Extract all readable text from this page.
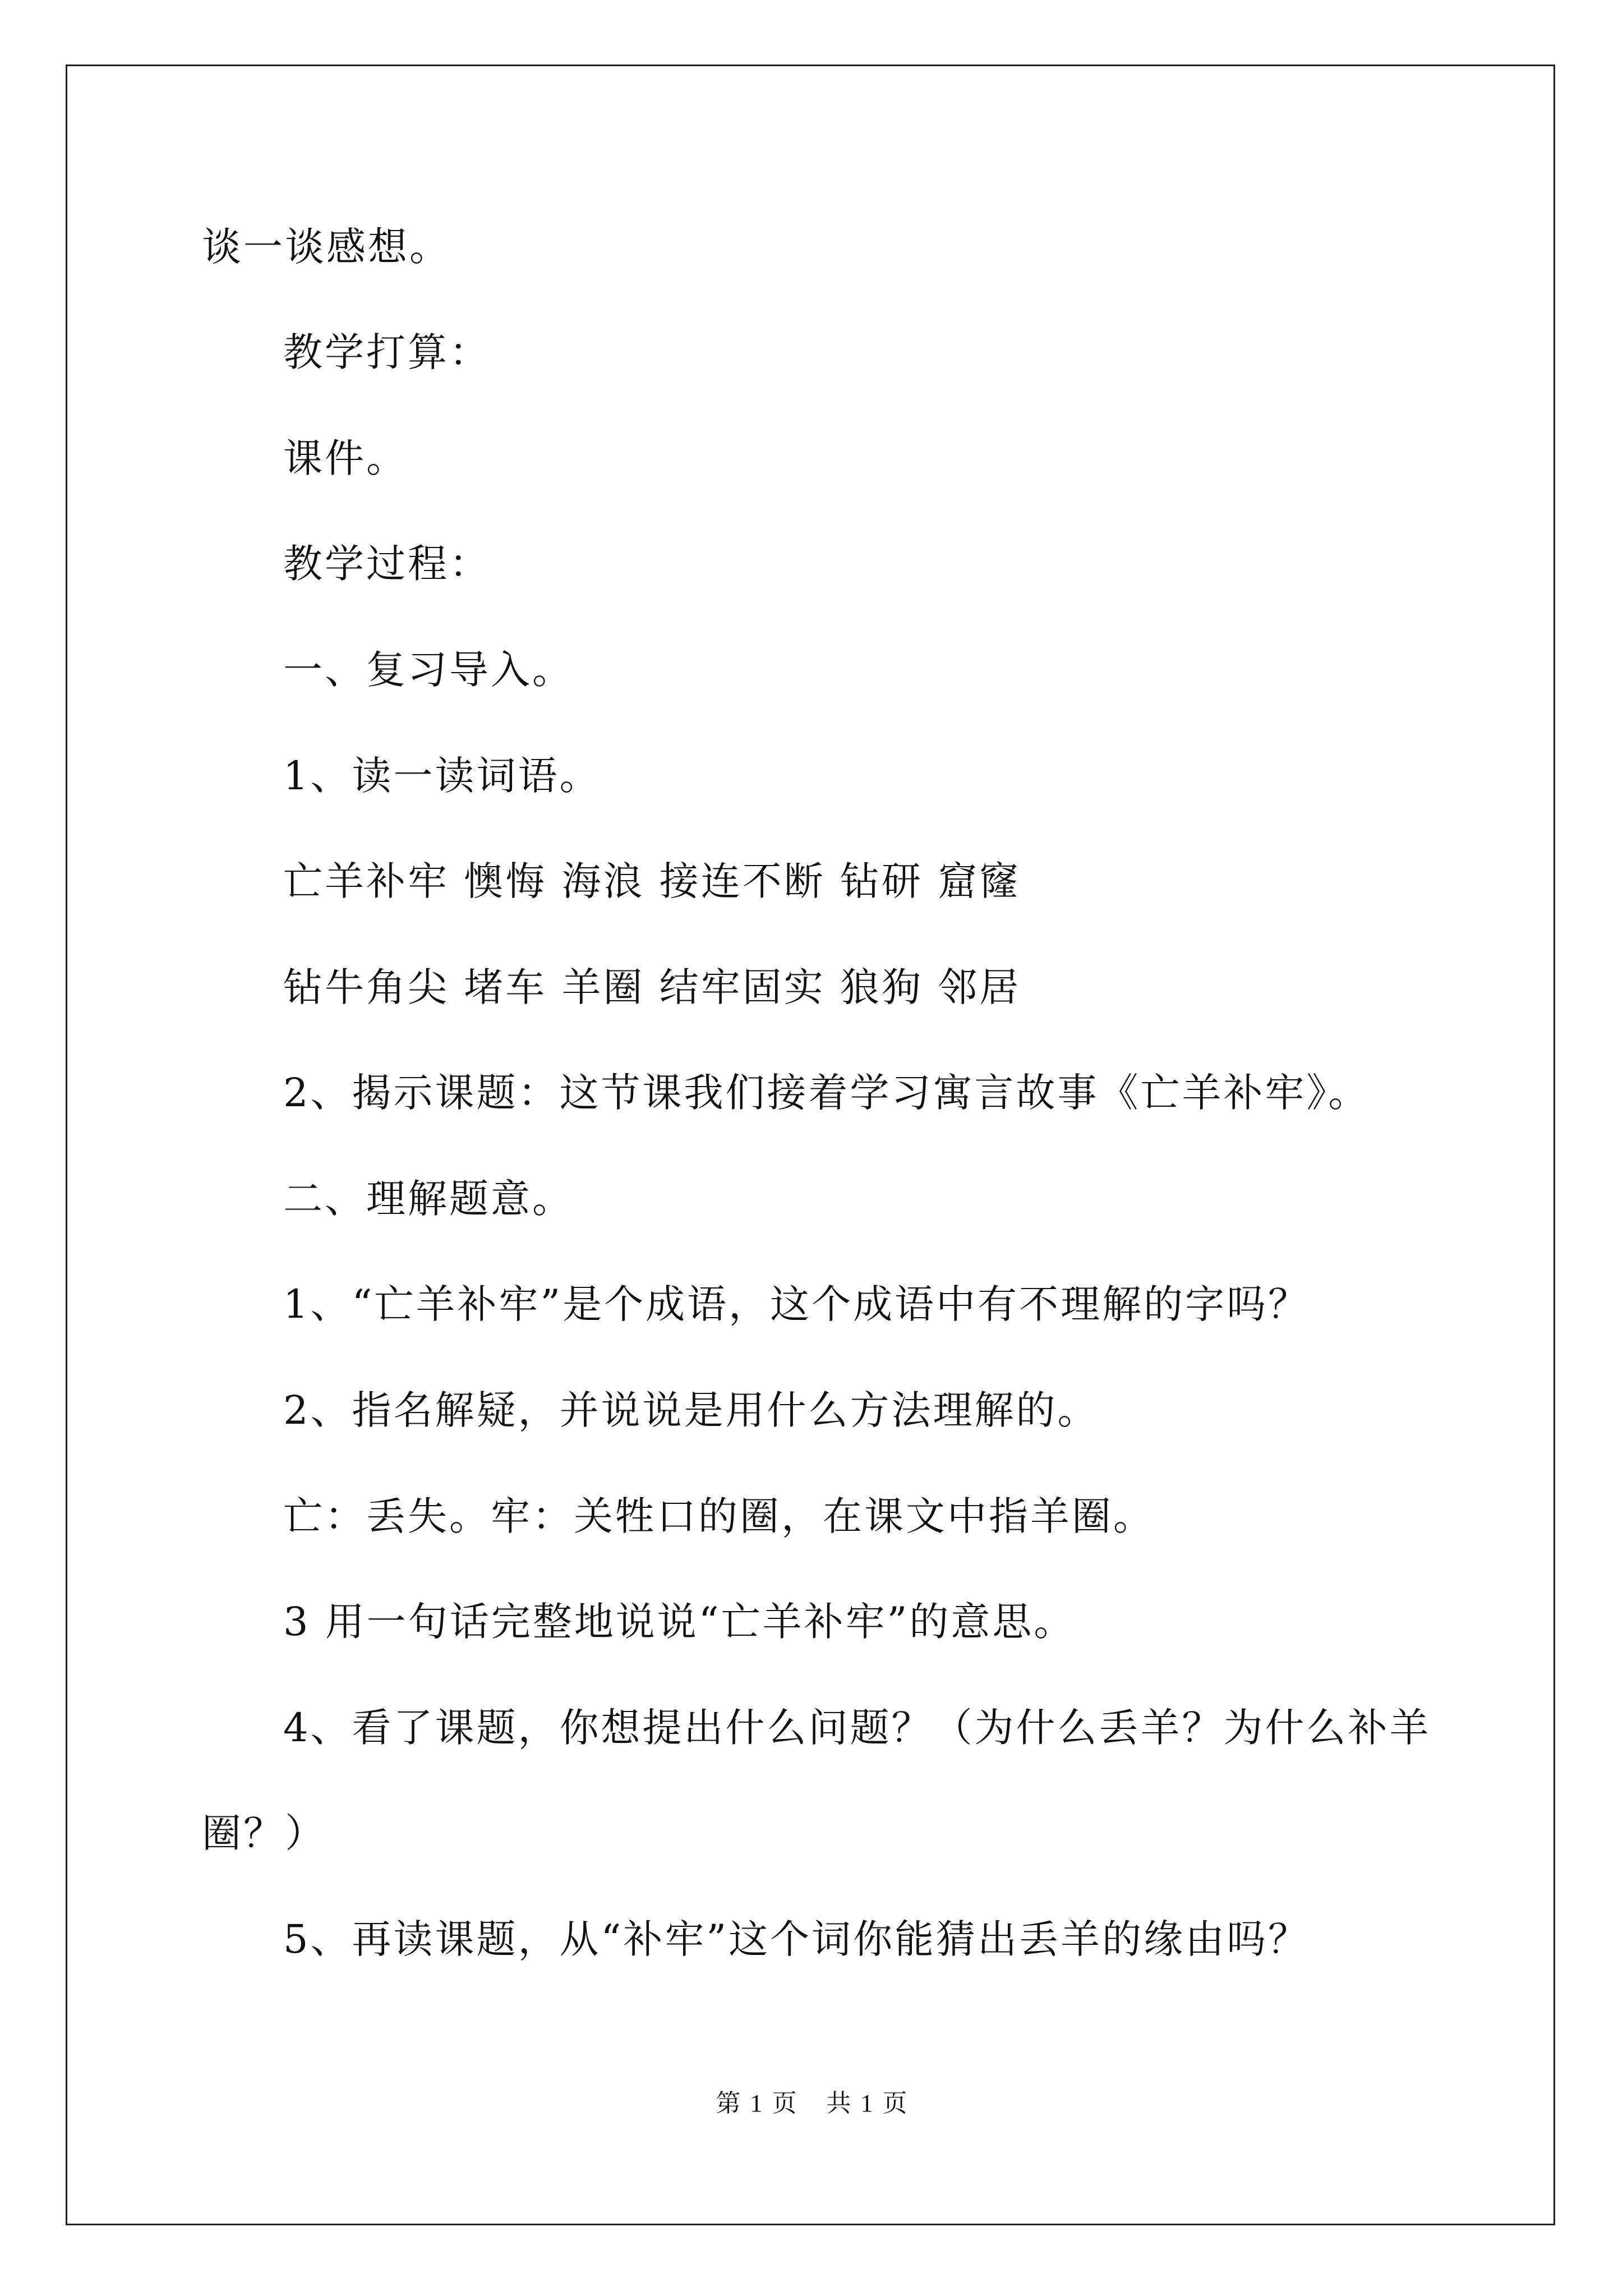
谈一谈感想。
教学打算：
课件。
教学过程：
一、复习导入。
1、读一读词语。
亡羊补牢 懊悔 海浪 接连不断 钻研 窟窿
钻牛角尖 堵车 羊圈 结牢固实 狼狗 邻居
2、揭示课题：这节课我们接着学习寓言故事《亡羊补牢》。
二、理解题意。
1、“亡羊补牢”是个成语，这个成语中有不理解的字吗？
2、指名解疑，并说说是用什么方法理解的。
亡：丢失。牢：关牲口的圈，在课文中指羊圈。
3 用一句话完整地说说“亡羊补牢”的意思。
4、看了课题，你想提出什么问题？（为什么丢羊？为什么补羊
圈？）
5、再读课题，从“补牢”这个词你能猜出丢羊的缘由吗？
第 1 页 共 1 页
